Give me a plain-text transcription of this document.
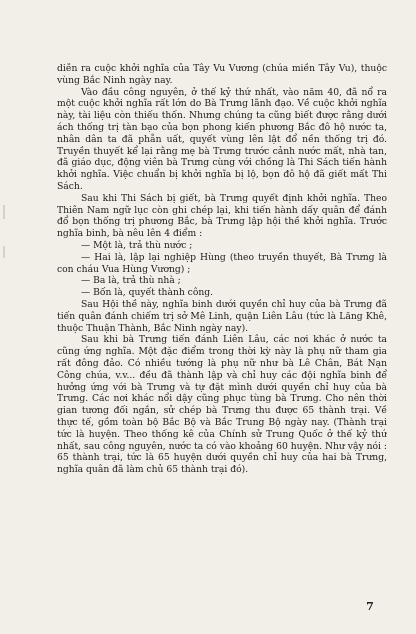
diễn ra cuộc khởi nghĩa của Tây Vu Vương (chúa miền Tây Vu), thuộc vùng Bắc Ninh ngày nay.

Vào đầu công nguyên, ở thế kỷ thứ nhất, vào năm 40, đã nổ ra một cuộc khởi nghĩa rất lớn do Bà Trưng lãnh đạo. Về cuộc khởi nghĩa này, tài liệu còn thiếu thốn. Nhưng chúng ta cũng biết được rằng dưới ách thống trị tàn bạo của bọn phong kiến phương Bắc đô hộ nước ta, nhân dân ta đã phẫn uất, quyết vùng lên lật đổ nền thống trị đó. Truyền thuyết kể lại rằng mẹ bà Trưng trước cảnh nước mất, nhà tan, đã giáo dục, động viên bà Trưng cùng với chồng là Thi Sách tiến hành khởi nghĩa. Việc chuẩn bị khởi nghĩa bị lộ, bọn đô hộ đã giết mất Thi Sách.

Sau khi Thi Sách bị giết, bà Trưng quyết định khởi nghĩa. Theo Thiên Nam ngữ lục còn ghi chép lại, khi tiến hành dấy quân để đánh đổ bọn thống trị phương Bắc, bà Trưng lập hội thề khởi nghĩa. Trước nghĩa binh, bà nêu lên 4 điểm :

— Một là, trả thù nước ;

— Hai là, lập lại nghiệp Hùng (theo truyền thuyết, Bà Trưng là con cháu Vua Hùng Vương) ;

— Ba là, trả thù nhà ;

— Bốn là, quyết thành công.

Sau Hội thề này, nghĩa binh dưới quyền chỉ huy của bà Trưng đã tiến quân đánh chiếm trị sở Mê Linh, quận Liên Lâu (tức là Lăng Khê, thuộc Thuận Thành, Bắc Ninh ngày nay).

Sau khi bà Trưng tiến đánh Liên Lâu, các nơi khác ở nước ta cũng ứng nghĩa. Một đặc điểm trong thời kỳ này là phụ nữ tham gia rất đông đảo. Có nhiều tướng là phụ nữ như bà Lê Chân, Bát Nạn Công chúa, v.v... đều đã thành lập và chỉ huy các đội nghĩa binh để hưởng ứng với bà Trưng và tự đặt mình dưới quyền chỉ huy của bà Trưng. Các nơi khác nổi dậy cũng phục tùng bà Trưng. Cho nên thời gian tương đối ngắn, sử chép bà Trưng thu được 65 thành trại. Về thực tế, gồm toàn bộ Bắc Bộ và Bắc Trung Bộ ngày nay. (Thành trại tức là huyện. Theo thống kê của Chính sử Trung Quốc ở thế kỷ thứ nhất, sau công nguyên, nước ta có vào khoảng 60 huyện. Như vậy nói : 65 thành trại, tức là 65 huyện dưới quyền chỉ huy của hai bà Trưng, nghĩa quân đã làm chủ 65 thành trại đó).

7
